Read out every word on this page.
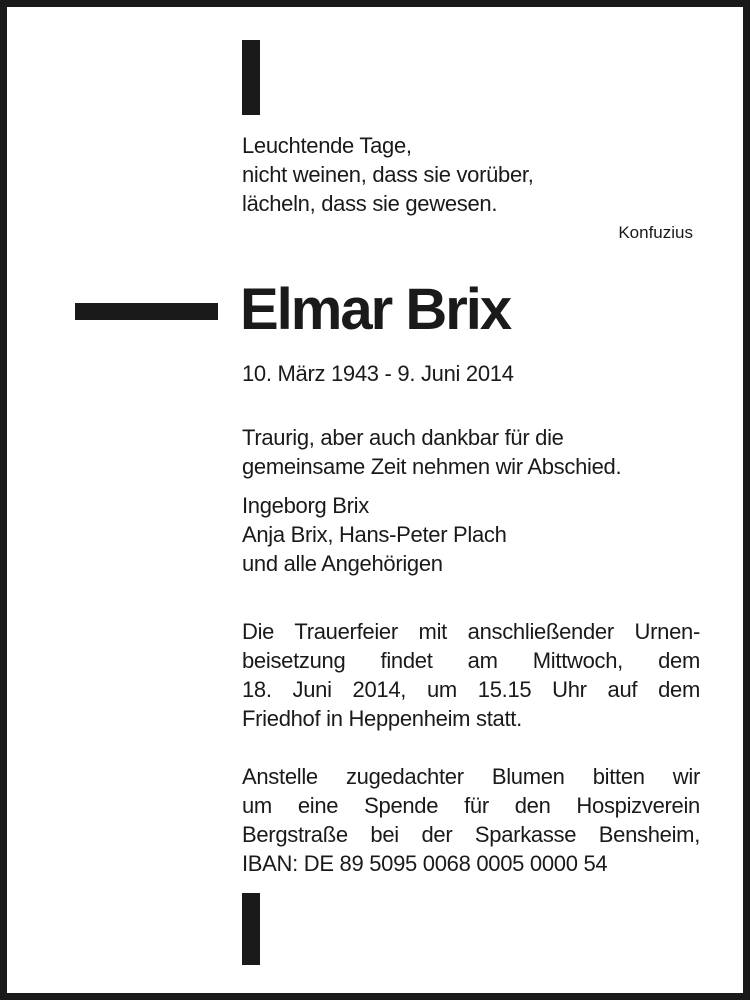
Leuchtende Tage,
nicht weinen, dass sie vorüber,
lächeln, dass sie gewesen.
Konfuzius
Elmar Brix
10. März 1943 - 9. Juni 2014
Traurig, aber auch dankbar für die
gemeinsame Zeit nehmen wir Abschied.
Ingeborg Brix
Anja Brix, Hans-Peter Plach
und alle Angehörigen
Die Trauerfeier mit anschließender Urnen-
beisetzung findet am Mittwoch, dem
18. Juni 2014, um 15.15 Uhr auf dem
Friedhof in Heppenheim statt.
Anstelle zugedachter Blumen bitten wir
um eine Spende für den Hospizverein
Bergstraße bei der Sparkasse Bensheim,
IBAN: DE 89 5095 0068 0005 0000 54
